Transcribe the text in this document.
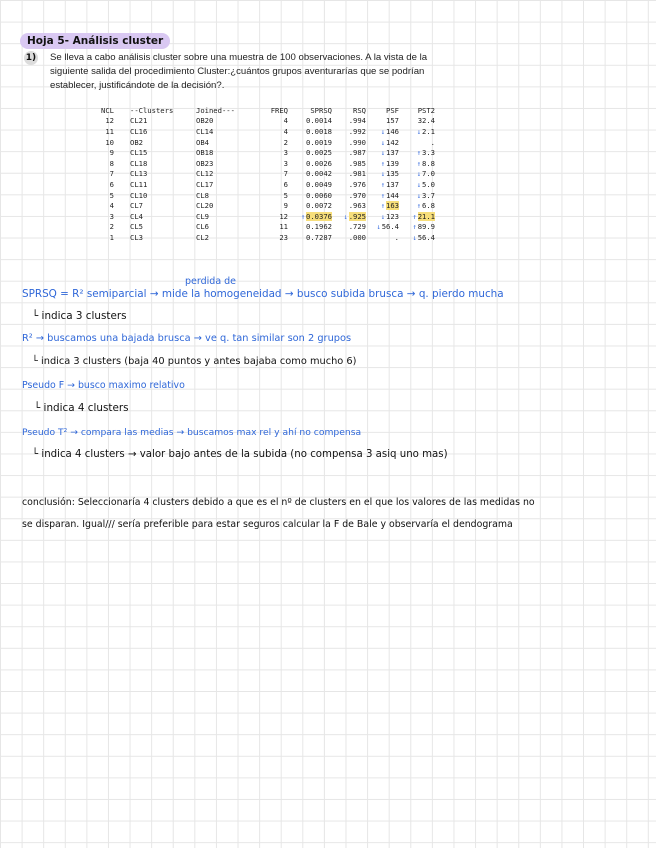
Hoja 5- Análisis cluster
1) Se lleva a cabo análisis cluster sobre una muestra de 100 observaciones. A la vista de la
siguiente salida del procedimiento Cluster:¿cuántos grupos aventurarías que se podrían
establecer, justificándote de la decisión?.
NCL	--Clusters	Joined---	FREQ	SPRSQ	RSQ	PSF	PST2
12	CL21	OB20	4	0.0014	.994	157	32.4
11	CL16	CL14	4	0.0018	.992	↓146	↓2.1
10	OB2	OB4	2	0.0019	.990	↓142	.
9	CL15	OB18	3	0.0025	.987	↓137	↑3.3
8	CL18	OB23	3	0.0026	.985	↑139	↑8.8
7	CL13	CL12	7	0.0042	.981	↓135	↓7.0
6	CL11	CL17	6	0.0049	.976	↑137	↓5.0
5	CL10	CL8	5	0.0060	.970	↑144	↓3.7
4	CL7	CL20	9	0.0072	.963	↑163	↑6.8
3	CL4	CL9	12	↑0.0376	↓.925	↓123	↑21.1
2	CL5	CL6	11	0.1962	.729	↓56.4	↑89.9
1	CL3	CL2	23	0.7287	.000	.	↓56.4
perdida de
SPRSQ = R² semiparcial → mide la homogeneidad → busco subida brusca → q. pierdo mucha
└ indica 3 clusters
R² → buscamos una bajada brusca → ve q. tan similar son 2 grupos
└ indica 3 clusters (baja 40 puntos y antes bajaba como mucho 6)
Pseudo F → busco maximo relativo
└ indica 4 clusters
Pseudo T² → compara las medias → buscamos max rel y ahí no compensa
└ indica 4 clusters → valor bajo antes de la subida (no compensa 3 asiq uno mas)
conclusión: Seleccionaría 4 clusters debido a que es el nº de clusters en el que los valores de las medidas no
se disparan. Igual/// sería preferible para estar seguros calcular la F de Bale y observaría el dendograma
